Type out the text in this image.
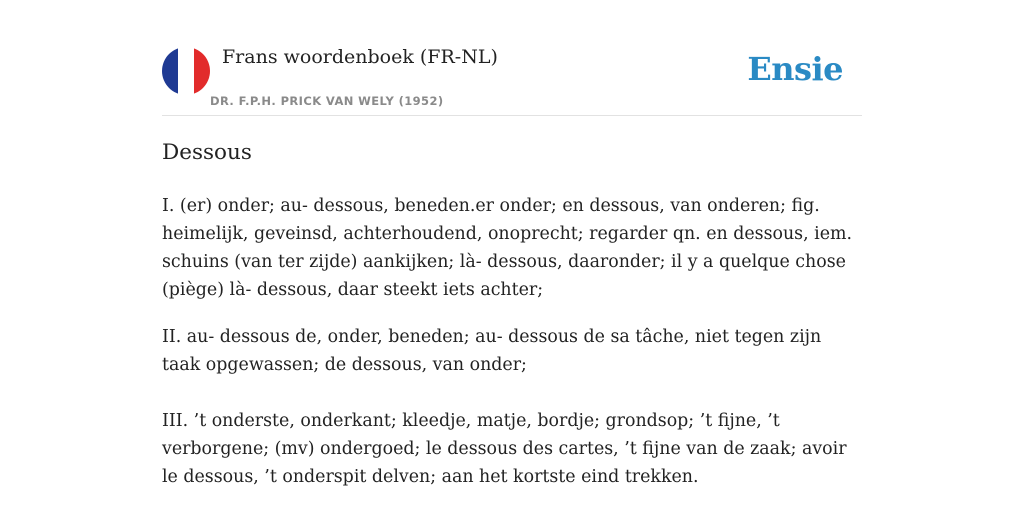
Frans woordenboek (FR-NL)
DR. F.P.H. PRICK VAN WELY (1952)
Ensie
Dessous

I. (er) onder; au- dessous, beneden.er onder; en dessous, van onderen; fig. heimelijk, geveinsd, achterhoudend, onoprecht; regarder qn. en dessous, iem. schuins (van ter zijde) aankijken; là- dessous, daaronder; il y a quelque chose (piège) là- dessous, daar steekt iets achter;

II. au- dessous de, onder, beneden; au- dessous de sa tâche, niet tegen zijn taak opgewassen; de dessous, van onder;

III. ’t onderste, onderkant; kleedje, matje, bordje; grondsop; ’t fijne, ’t verborgene; (mv) ondergoed; le dessous des cartes, ’t fijne van de zaak; avoir le dessous, ’t onderspit delven; aan het kortste eind trekken.
